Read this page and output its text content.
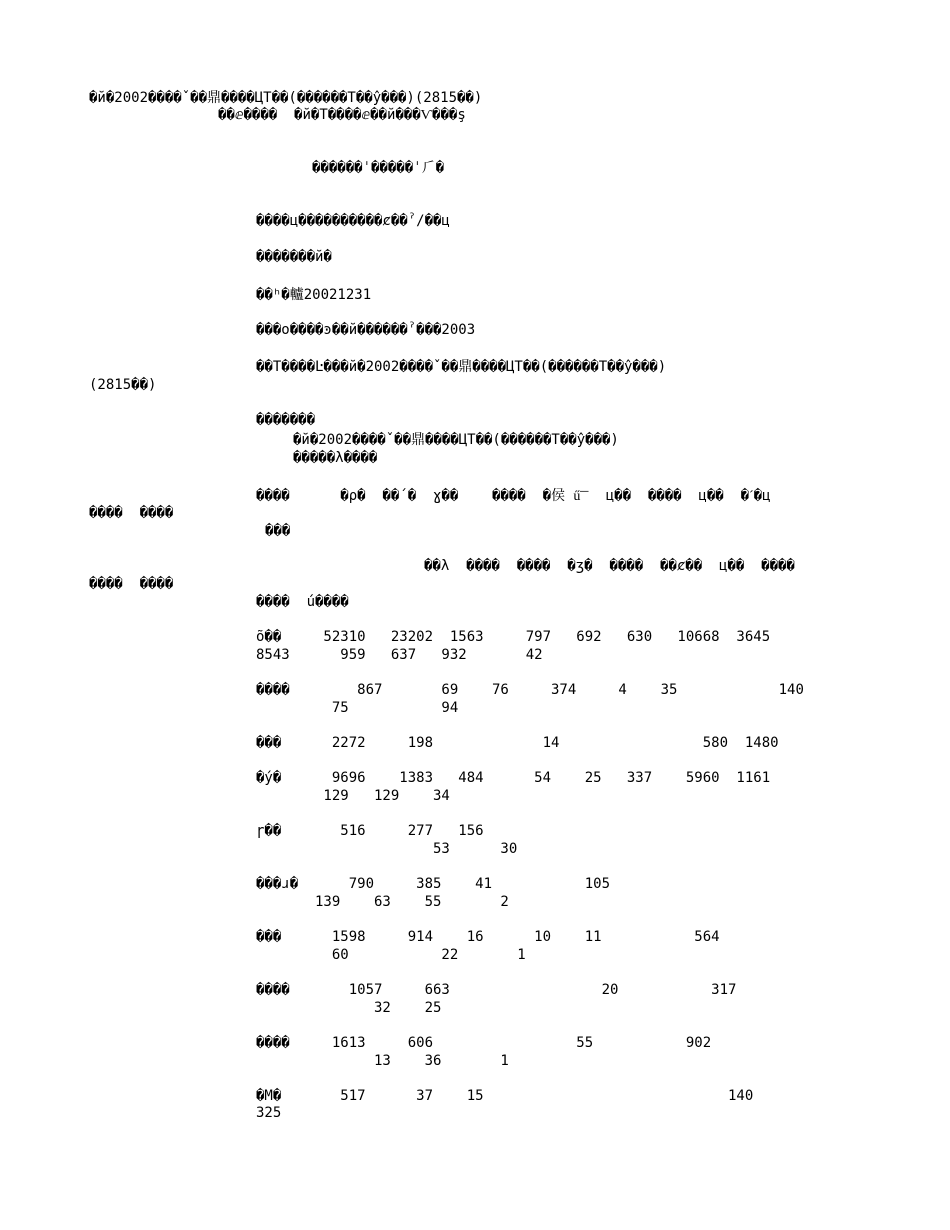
�й�2002����ˇ��鼎����ЦТ��(������Т��ŷ���)(2815��)
��ⅇ����  �й�Т����ⅇ��й���Ѵ���ş
������ˈ�����ˈ⺁�
����ц����������ȼ��ˀ/��ц
�������й�
��ʰ�轤20021231
���ο����ͽ��й������ˀ���2003
��Т����Ŀ���й�2002����ˇ��鼎����ЦТ��(������Т��ŷ���)
(2815��)
�������
�й�2002����ˇ��鼎����ЦТ��(������Т��ŷ���)
�����λ����
����      �ρ�  ��́ �  ɣ��    ����  �侯 ű͞   ц��  ����  ц��  �ˊ�ц
����  ����
���
��λ  ����  ����  �ʒ�  ����  ��ȼ��  ц��  ����
����  ����
����  ú����
õ��     52310   23202  1563     797   692   630   10668  3645
8543      959   637   932       42
����        867       69    76     374     4    35            140
75           94
���      2272     198             14                 580  1480
�ý�      9696    1383   484      54    25   337    5960  1161
129   129    34
ɼ��       516     277   156
53      30
���ɹ�      790     385    41           105
139    63    55       2
���      1598     914    16      10    11           564
60           22       1
����       1057     663                  20           317
32    25
����     1613     606                 55           902
13    36       1
�M�       517      37    15                             140
325
